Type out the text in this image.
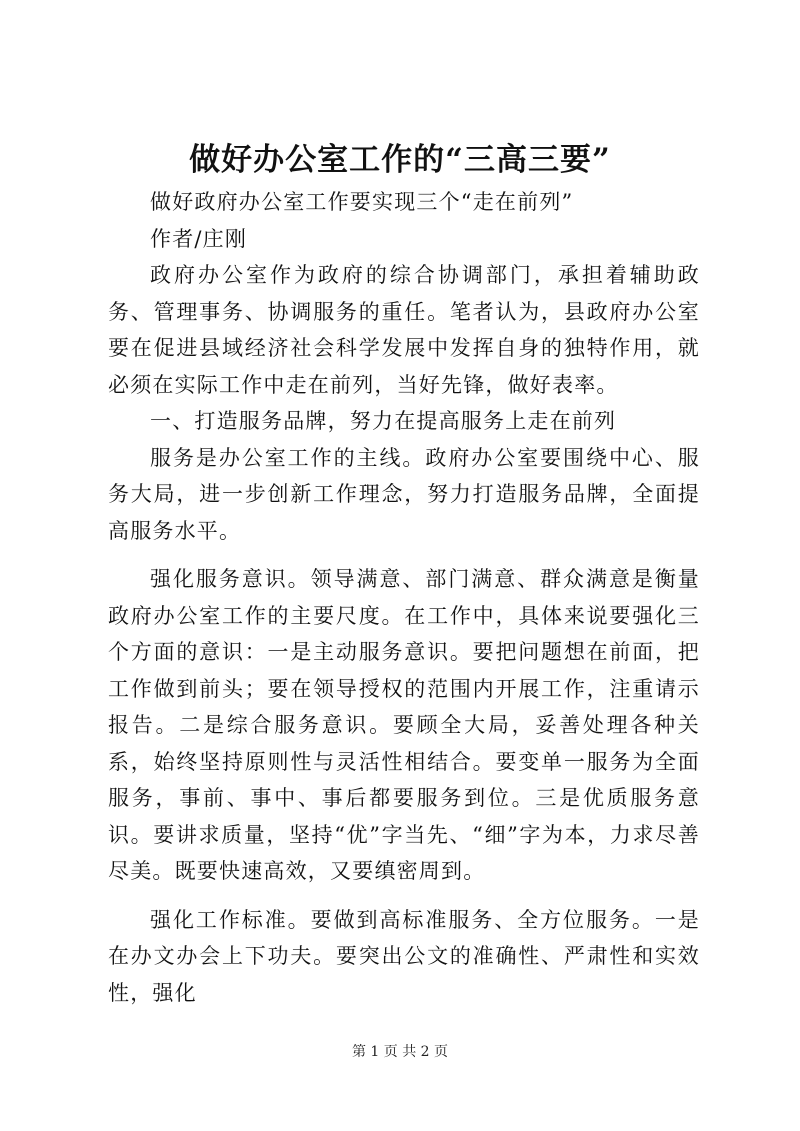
做好办公室工作的“三高三要”

做好政府办公室工作要实现三个“走在前列”

作者/庄刚

政府办公室作为政府的综合协调部门，承担着辅助政务、管理事务、协调服务的重任。笔者认为，县政府办公室要在促进县域经济社会科学发展中发挥自身的独特作用，就必须在实际工作中走在前列，当好先锋，做好表率。

一、打造服务品牌，努力在提高服务上走在前列

服务是办公室工作的主线。政府办公室要围绕中心、服务大局，进一步创新工作理念，努力打造服务品牌，全面提高服务水平。

强化服务意识。领导满意、部门满意、群众满意是衡量政府办公室工作的主要尺度。在工作中，具体来说要强化三个方面的意识：一是主动服务意识。要把问题想在前面，把工作做到前头；要在领导授权的范围内开展工作，注重请示报告。二是综合服务意识。要顾全大局，妥善处理各种关系，始终坚持原则性与灵活性相结合。要变单一服务为全面服务，事前、事中、事后都要服务到位。三是优质服务意识。要讲求质量，坚持“优”字当先、“细”字为本，力求尽善尽美。既要快速高效，又要缜密周到。

强化工作标准。要做到高标准服务、全方位服务。一是在办文办会上下功夫。要突出公文的准确性、严肃性和实效性，强化

第 1 页 共 2 页
